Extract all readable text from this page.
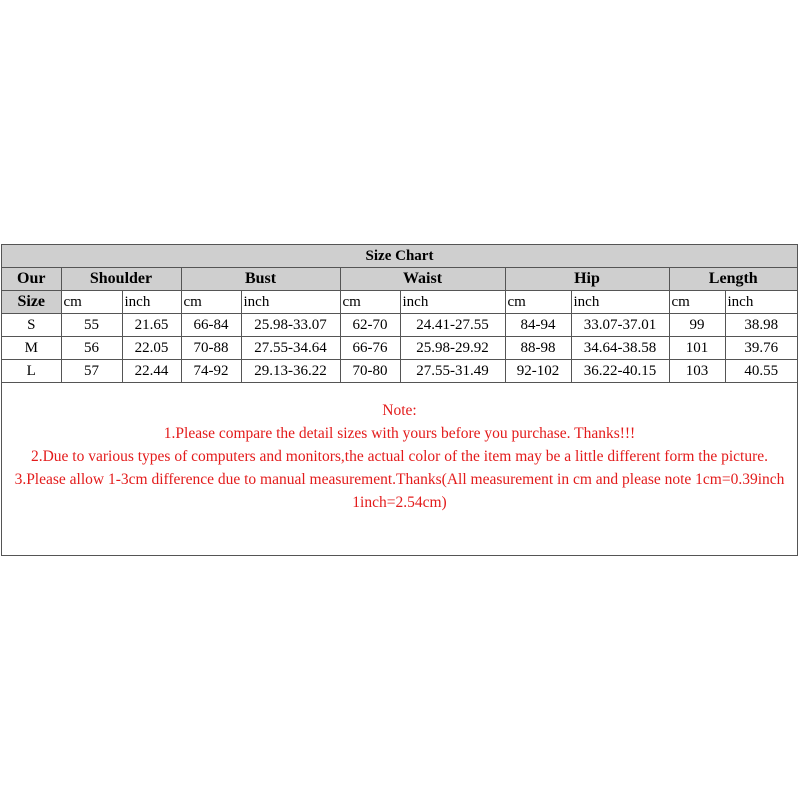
Size Chart										
Our	Shoulder		Bust		Waist		Hip		Length	
Size	cm	inch	cm	inch	cm	inch	cm	inch	cm	inch
S	55	21.65	66-84	25.98-33.07	62-70	24.41-27.55	84-94	33.07-37.01	99	38.98
M	56	22.05	70-88	27.55-34.64	66-76	25.98-29.92	88-98	34.64-38.58	101	39.76
L	57	22.44	74-92	29.13-36.22	70-80	27.55-31.49	92-102	36.22-40.15	103	40.55
Note:
1.Please compare the detail sizes with yours before you purchase. Thanks!!!
2.Due to various types of computers and monitors,the actual color of the item may be a little different form the picture.
3.Please allow 1-3cm difference due to manual measurement.Thanks(All measurement in cm and please note 1cm=0.39inch 1inch=2.54cm)
